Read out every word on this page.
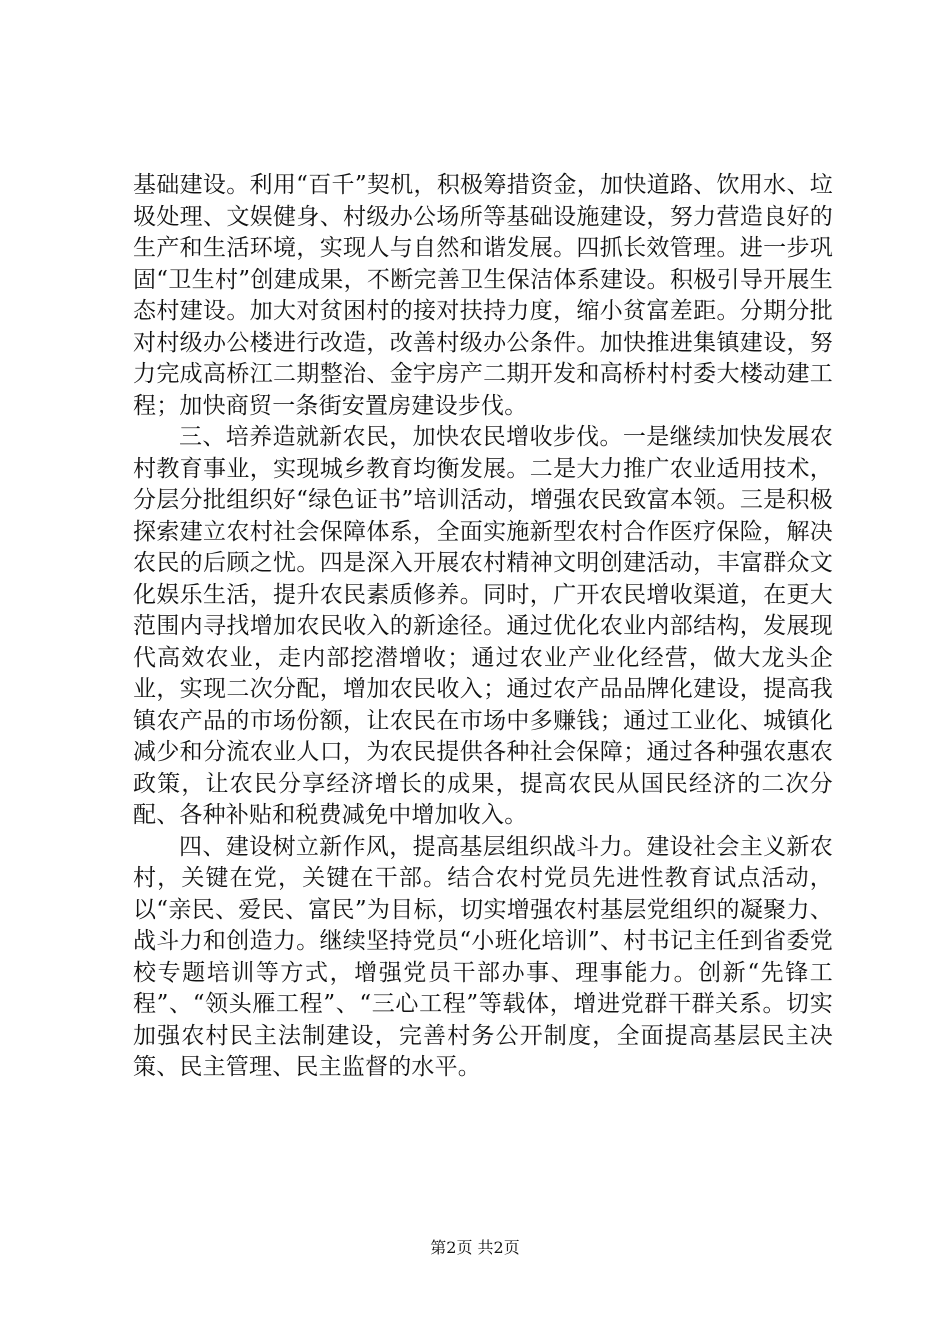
基础建设。利用“百千”契机，积极筹措资金，加快道路、饮用水、垃圾处理、文娱健身、村级办公场所等基础设施建设，努力营造良好的生产和生活环境，实现人与自然和谐发展。四抓长效管理。进一步巩固“卫生村”创建成果，不断完善卫生保洁体系建设。积极引导开展生态村建设。加大对贫困村的接对扶持力度，缩小贫富差距。分期分批对村级办公楼进行改造，改善村级办公条件。加快推进集镇建设，努力完成高桥江二期整治、金宇房产二期开发和高桥村村委大楼动建工程；加快商贸一条街安置房建设步伐。

三、培养造就新农民，加快农民增收步伐。一是继续加快发展农村教育事业，实现城乡教育均衡发展。二是大力推广农业适用技术，分层分批组织好“绿色证书”培训活动，增强农民致富本领。三是积极探索建立农村社会保障体系，全面实施新型农村合作医疗保险，解决农民的后顾之忧。四是深入开展农村精神文明创建活动，丰富群众文化娱乐生活，提升农民素质修养。同时，广开农民增收渠道，在更大范围内寻找增加农民收入的新途径。通过优化农业内部结构，发展现代高效农业，走内部挖潜增收；通过农业产业化经营，做大龙头企业，实现二次分配，增加农民收入；通过农产品品牌化建设，提高我镇农产品的市场份额，让农民在市场中多赚钱；通过工业化、城镇化减少和分流农业人口，为农民提供各种社会保障；通过各种强农惠农政策，让农民分享经济增长的成果，提高农民从国民经济的二次分配、各种补贴和税费减免中增加收入。

四、建设树立新作风，提高基层组织战斗力。建设社会主义新农村，关键在党，关键在干部。结合农村党员先进性教育试点活动，以“亲民、爱民、富民”为目标，切实增强农村基层党组织的凝聚力、战斗力和创造力。继续坚持党员“小班化培训”、村书记主任到省委党校专题培训等方式，增强党员干部办事、理事能力。创新“先锋工程”、“领头雁工程”、“三心工程”等载体，增进党群干群关系。切实加强农村民主法制建设，完善村务公开制度，全面提高基层民主决策、民主管理、民主监督的水平。

第2页 共2页
